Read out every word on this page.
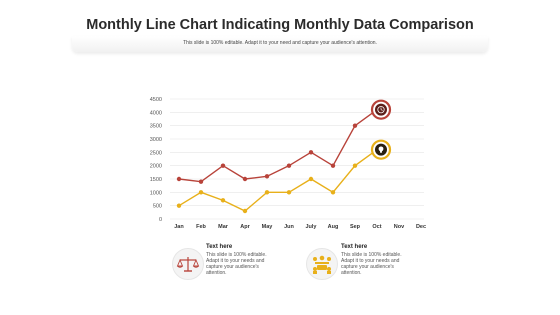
Monthly Line Chart Indicating Monthly Data Comparison
This slide is 100% editable. Adapt it to your need and capture your audience's attention.
0
500
1000
1500
2000
2500
3000
3500
4000
4500
Jan Feb Mar Apr May Jun July Aug Sep Oct Nov Dec
Text here
This slide is 100% editable. Adapt it to your needs and capture your audience's attention.
Text here
This slide is 100% editable. Adapt it to your needs and capture your audience's attention.
